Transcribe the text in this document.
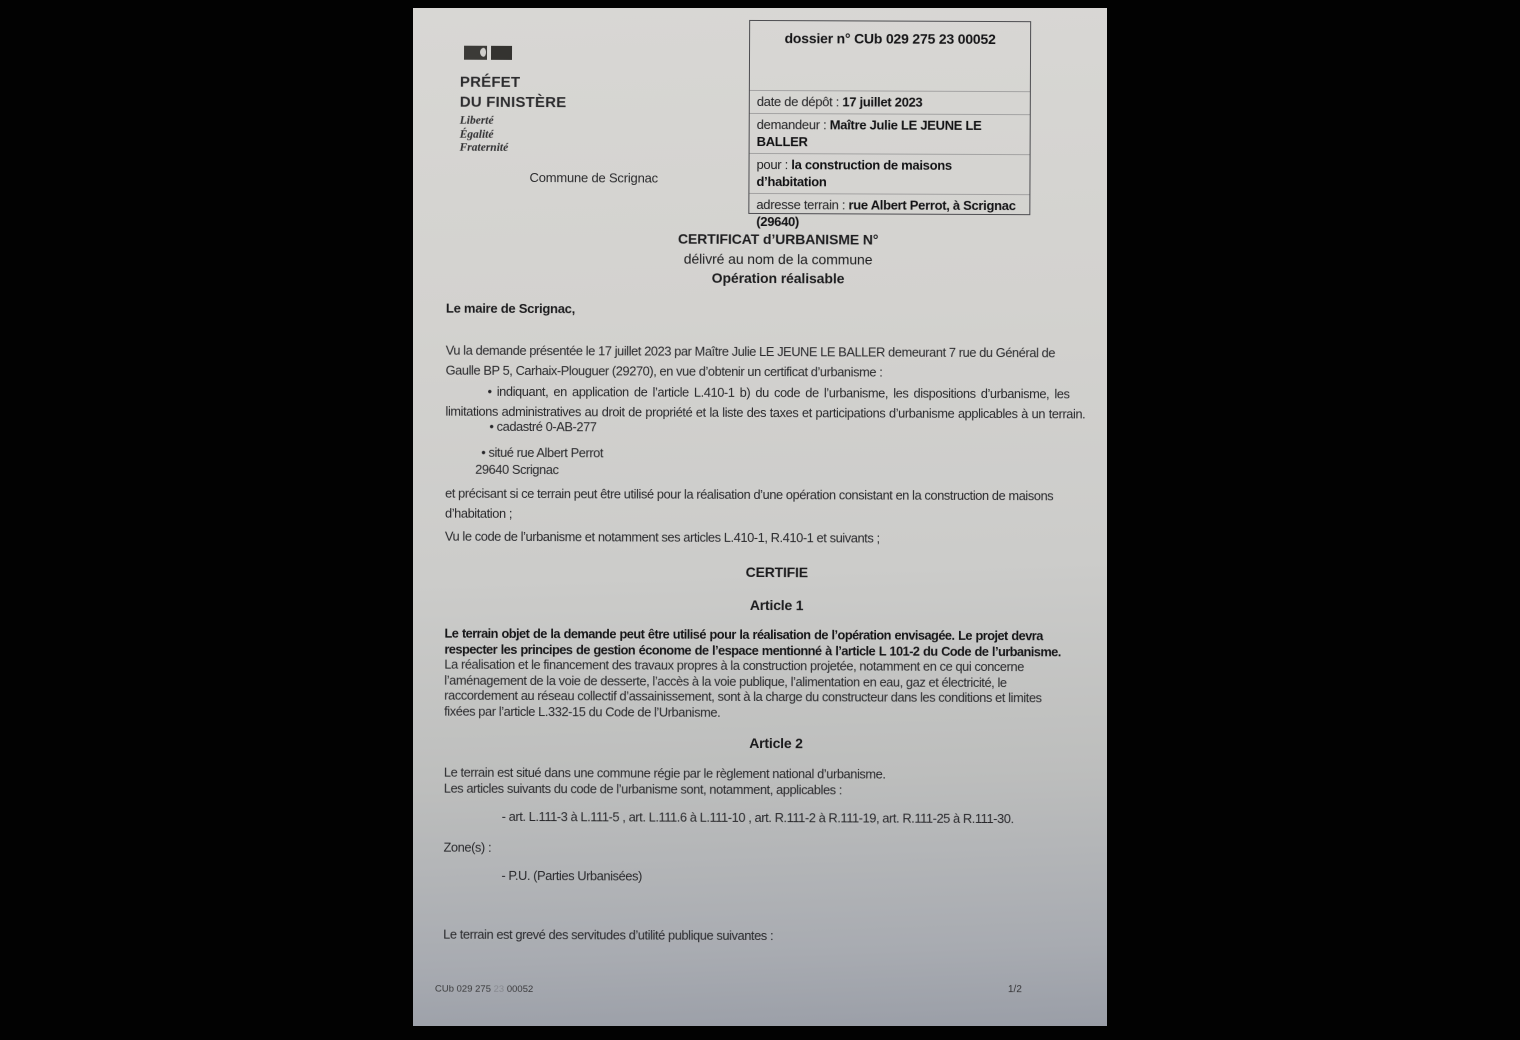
PRÉFET
DU FINISTÈRE
Liberté
Égalité
Fraternité
Commune de Scrignac
dossier n° CUb 029 275 23 00052
date de dépôt : 17 juillet 2023
demandeur : Maître Julie LE JEUNE LE BALLER
pour : la construction de maisons d’habitation
adresse terrain : rue Albert Perrot, à Scrignac (29640)
CERTIFICAT d’URBANISME N°
délivré au nom de la commune
Opération réalisable
Le maire de Scrignac,
Vu la demande présentée le 17 juillet 2023 par Maître Julie LE JEUNE LE BALLER demeurant 7 rue du Général de
Gaulle BP 5, Carhaix-Plouguer (29270), en vue d’obtenir un certificat d’urbanisme :
• indiquant, en application de l’article L.410-1 b) du code de l’urbanisme, les dispositions d’urbanisme, les
limitations administratives au droit de propriété et la liste des taxes et participations d’urbanisme applicables à un terrain.
• cadastré 0-AB-277
• situé rue Albert Perrot
29640 Scrignac
et précisant si ce terrain peut être utilisé pour la réalisation d’une opération consistant en la construction de maisons
d’habitation ;
Vu le code de l’urbanisme et notamment ses articles L.410-1, R.410-1 et suivants ;
CERTIFIE
Article 1
Le terrain objet de la demande peut être utilisé pour la réalisation de l’opération envisagée. Le projet devra
respecter les principes de gestion économe de l’espace mentionné à l’article L 101-2 du Code de l’urbanisme.
La réalisation et le financement des travaux propres à la construction projetée, notamment en ce qui concerne
l’aménagement de la voie de desserte, l’accès à la voie publique, l’alimentation en eau, gaz et électricité, le
raccordement au réseau collectif d’assainissement, sont à la charge du constructeur dans les conditions et limites
fixées par l’article L.332-15 du Code de l’Urbanisme.
Article 2
Le terrain est situé dans une commune régie par le règlement national d’urbanisme.
Les articles suivants du code de l’urbanisme sont, notamment, applicables :
- art. L.111-3 à L.111-5 , art. L.111.6 à L.111-10 , art. R.111-2 à R.111-19, art. R.111-25 à R.111-30.
Zone(s) :
- P.U. (Parties Urbanisées)
Le terrain est grevé des servitudes d’utilité publique suivantes :
CUb 029 275 23 00052	1/2
